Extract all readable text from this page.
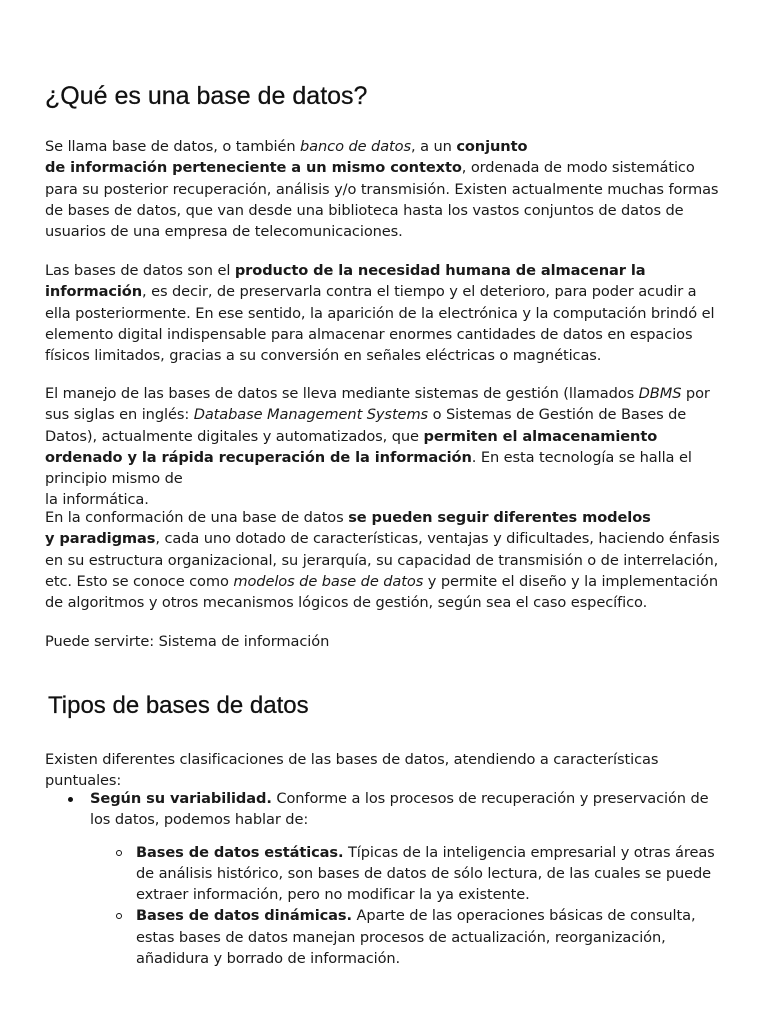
¿Qué es una base de datos?

Se llama base de datos, o también banco de datos, a un conjunto
de información perteneciente a un mismo contexto, ordenada de modo sistemático para su posterior recuperación, análisis y/o transmisión. Existen actualmente muchas formas de bases de datos, que van desde una biblioteca hasta los vastos conjuntos de datos de usuarios de una empresa de telecomunicaciones.

Las bases de datos son el producto de la necesidad humana de almacenar la información, es decir, de preservarla contra el tiempo y el deterioro, para poder acudir a ella posteriormente. En ese sentido, la aparición de la electrónica y la computación brindó el elemento digital indispensable para almacenar enormes cantidades de datos en espacios físicos limitados, gracias a su conversión en señales eléctricas o magnéticas.

El manejo de las bases de datos se lleva mediante sistemas de gestión (llamados DBMS por sus siglas en inglés: Database Management Systems o Sistemas de Gestión de Bases de Datos), actualmente digitales y automatizados, que permiten el almacenamiento ordenado y la rápida recuperación de la información. En esta tecnología se halla el principio mismo de
la informática.

En la conformación de una base de datos se pueden seguir diferentes modelos
y paradigmas, cada uno dotado de características, ventajas y dificultades, haciendo énfasis en su estructura organizacional, su jerarquía, su capacidad de transmisión o de interrelación, etc. Esto se conoce como modelos de base de datos y permite el diseño y la implementación
de algoritmos y otros mecanismos lógicos de gestión, según sea el caso específico.

Puede servirte: Sistema de información

Tipos de bases de datos

Existen diferentes clasificaciones de las bases de datos, atendiendo a características puntuales:

Según su variabilidad. Conforme a los procesos de recuperación y preservación de los datos, podemos hablar de:
Bases de datos estáticas. Típicas de la inteligencia empresarial y otras áreas de análisis histórico, son bases de datos de sólo lectura, de las cuales se puede extraer información, pero no modificar la ya existente.
Bases de datos dinámicas. Aparte de las operaciones básicas de consulta, estas bases de datos manejan procesos de actualización, reorganización, añadidura y borrado de información.
